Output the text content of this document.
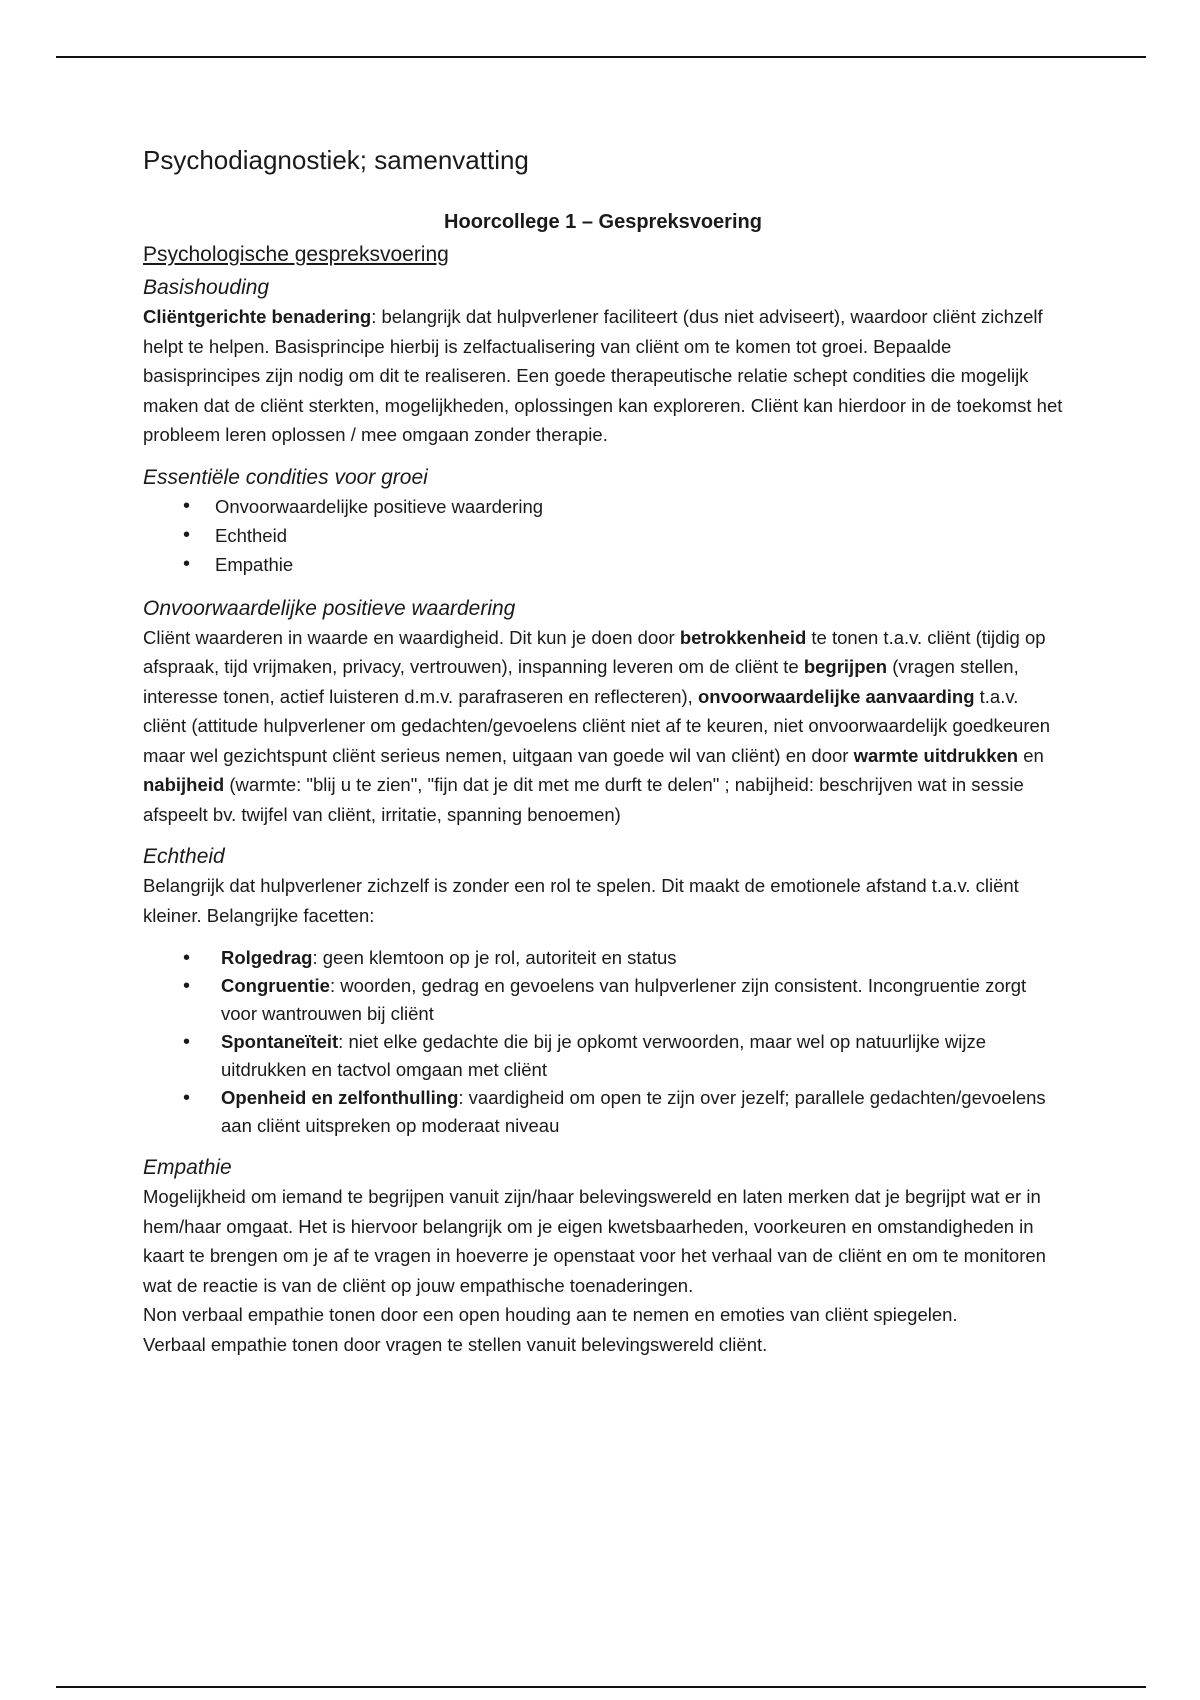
Psychodiagnostiek; samenvatting

Hoorcollege 1 – Gespreksvoering

Psychologische gespreksvoering

Basishouding

Cliëntgerichte benadering: belangrijk dat hulpverlener faciliteert (dus niet adviseert), waardoor cliënt zichzelf helpt te helpen. Basisprincipe hierbij is zelfactualisering van cliënt om te komen tot groei. Bepaalde basisprincipes zijn nodig om dit te realiseren. Een goede therapeutische relatie schept condities die mogelijk maken dat de cliënt sterkten, mogelijkheden, oplossingen kan exploreren. Cliënt kan hierdoor in de toekomst het probleem leren oplossen / mee omgaan zonder therapie.

Essentiële condities voor groei

• Onvoorwaardelijke positieve waardering
• Echtheid
• Empathie

Onvoorwaardelijke positieve waardering

Cliënt waarderen in waarde en waardigheid. Dit kun je doen door betrokkenheid te tonen t.a.v. cliënt (tijdig op afspraak, tijd vrijmaken, privacy, vertrouwen), inspanning leveren om de cliënt te begrijpen (vragen stellen, interesse tonen, actief luisteren d.m.v. parafraseren en reflecteren), onvoorwaardelijke aanvaarding t.a.v. cliënt (attitude hulpverlener om gedachten/gevoelens cliënt niet af te keuren, niet onvoorwaardelijk goedkeuren maar wel gezichtspunt cliënt serieus nemen, uitgaan van goede wil van cliënt) en door warmte uitdrukken en nabijheid (warmte: "blij u te zien", "fijn dat je dit met me durft te delen" ; nabijheid: beschrijven wat in sessie afspeelt bv. twijfel van cliënt, irritatie, spanning benoemen)

Echtheid

Belangrijk dat hulpverlener zichzelf is zonder een rol te spelen. Dit maakt de emotionele afstand t.a.v. cliënt kleiner. Belangrijke facetten:

• Rolgedrag: geen klemtoon op je rol, autoriteit en status
• Congruentie: woorden, gedrag en gevoelens van hulpverlener zijn consistent. Incongruentie zorgt voor wantrouwen bij cliënt
• Spontaneïteit: niet elke gedachte die bij je opkomt verwoorden, maar wel op natuurlijke wijze uitdrukken en tactvol omgaan met cliënt
• Openheid en zelfonthulling: vaardigheid om open te zijn over jezelf; parallele gedachten/gevoelens aan cliënt uitspreken op moderaat niveau

Empathie

Mogelijkheid om iemand te begrijpen vanuit zijn/haar belevingswereld en laten merken dat je begrijpt wat er in hem/haar omgaat. Het is hiervoor belangrijk om je eigen kwetsbaarheden, voorkeuren en omstandigheden in kaart te brengen om je af te vragen in hoeverre je openstaat voor het verhaal van de cliënt en om te monitoren wat de reactie is van de cliënt op jouw empathische toenaderingen.

Non verbaal empathie tonen door een open houding aan te nemen en emoties van cliënt spiegelen.

Verbaal empathie tonen door vragen te stellen vanuit belevingswereld cliënt.
